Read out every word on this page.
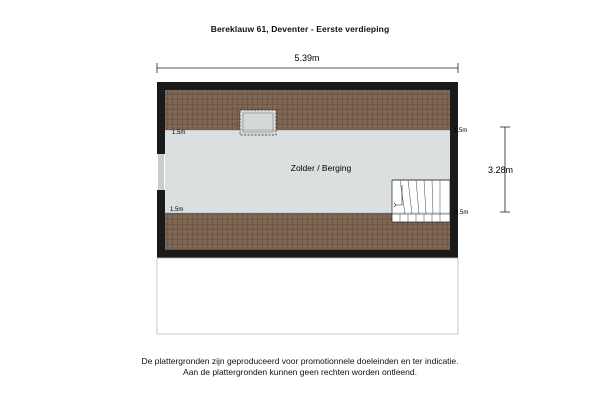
Bereklauw 61, Deventer - Eerste verdieping
5.39m
3.28m
Zolder / Berging
1.5m	1.5m
1.5m	1.5m
De plattergronden zijn geproduceerd voor promotionnele doeleinden en ter indicatie.
Aan de plattergronden kunnen geen rechten worden ontleend.
